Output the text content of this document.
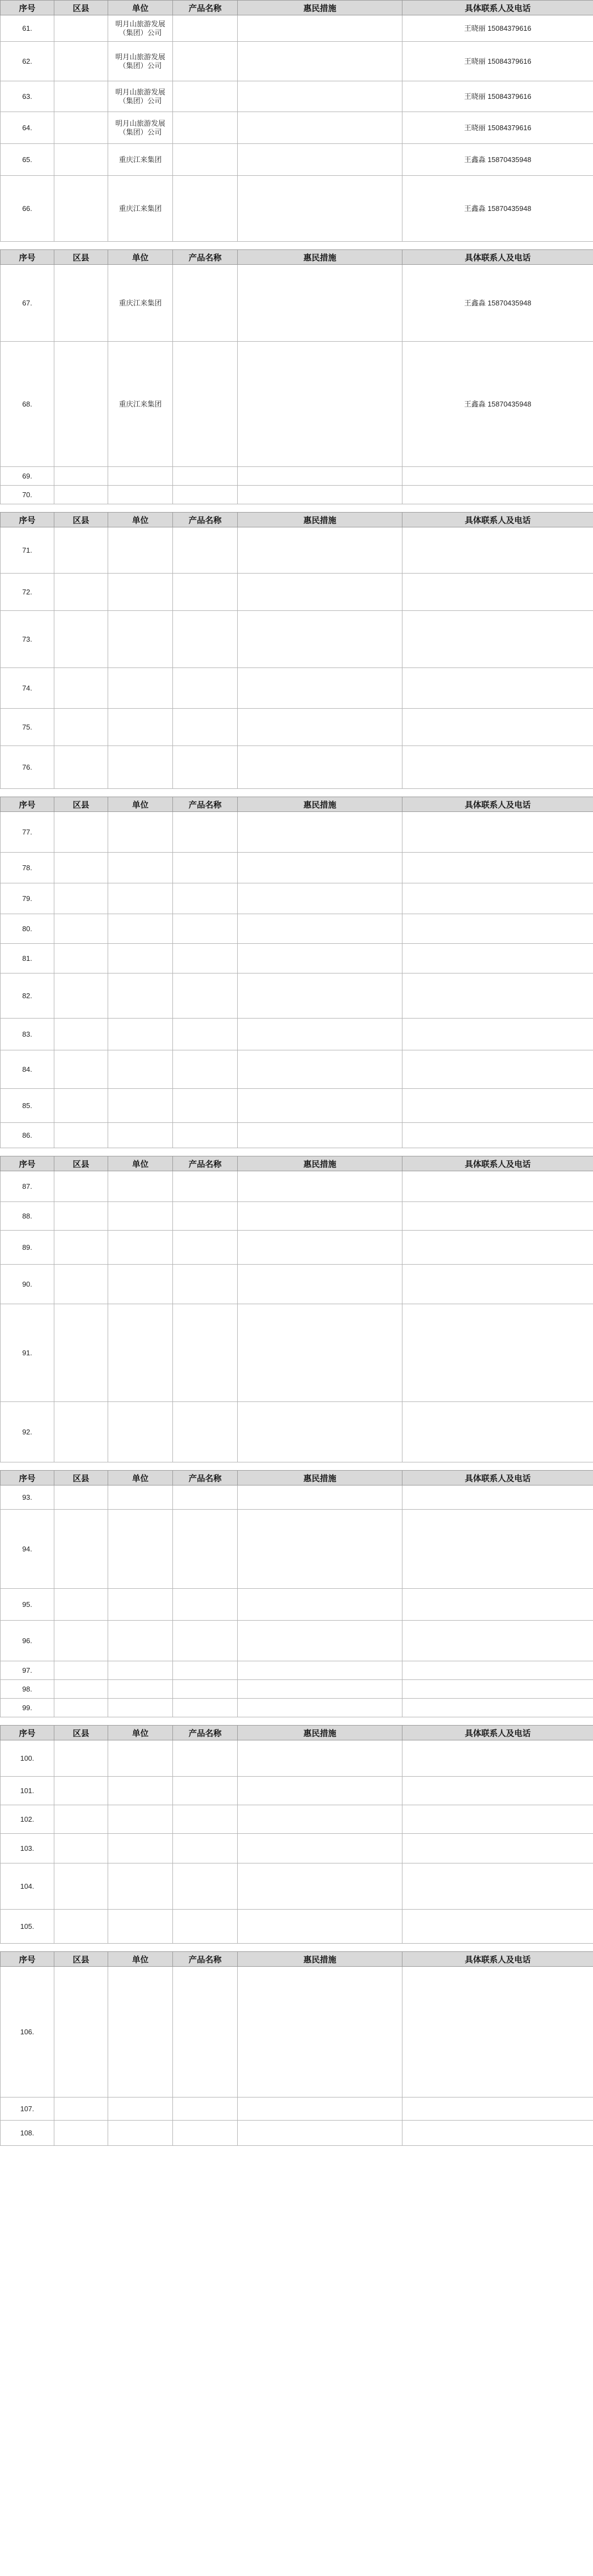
序号	区县	单位	产品名称	惠民措施	具体联系人及电话
61.		明月山旅游发展（集团）公司			王晓丽 15084379616
62.		明月山旅游发展（集团）公司			王晓丽 15084379616
63.		明月山旅游发展（集团）公司			王晓丽 15084379616
64.		明月山旅游发展（集团）公司			王晓丽 15084379616
65.		重庆江来集团			王鑫淼 15870435948
66.		重庆江来集团			王鑫淼 15870435948
序号	区县	单位	产品名称	惠民措施	具体联系人及电话
67.		重庆江来集团			王鑫淼 15870435948
68.		重庆江来集团			王鑫淼 15870435948
69.					
70.					
序号	区县	单位	产品名称	惠民措施	具体联系人及电话
71.					
72.					
73.					
74.					
75.					
76.					
序号	区县	单位	产品名称	惠民措施	具体联系人及电话
77.					
78.					
79.					
80.					
81.					
82.					
83.					
84.					
85.					
86.					
序号	区县	单位	产品名称	惠民措施	具体联系人及电话
87.					
88.					
89.					
90.					
91.					
92.					
序号	区县	单位	产品名称	惠民措施	具体联系人及电话
93.					
94.					
95.					
96.					
97.					
98.					
99.					
序号	区县	单位	产品名称	惠民措施	具体联系人及电话
100.					
101.					
102.					
103.					
104.					
105.					
序号	区县	单位	产品名称	惠民措施	具体联系人及电话
106.					
107.					
108.					
